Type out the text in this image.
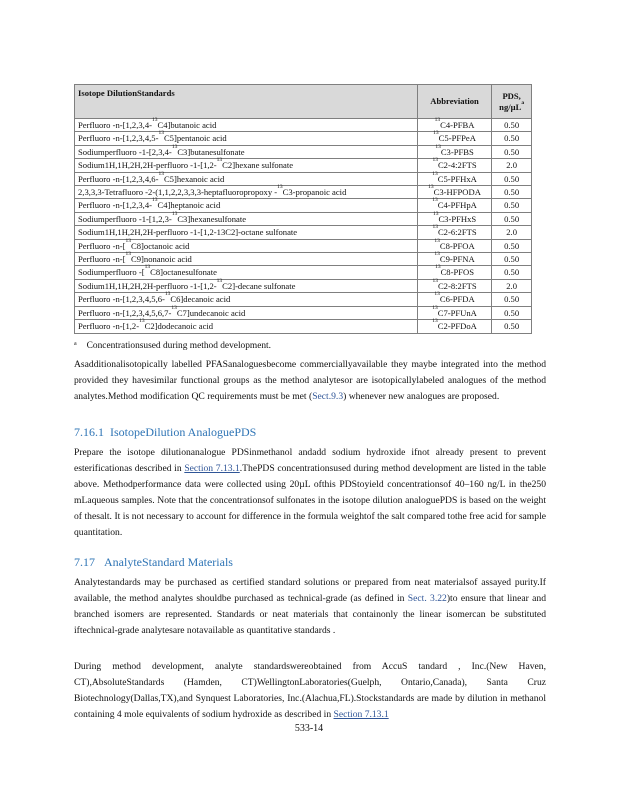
Isotope DilutionStandards	Abbreviation	PDS,
ng/µL$^a$
Perfluoro -n-[1,2,3,4-$^{13}$C4]butanoic acid	$^{13}$C4-PFBA	0.50
Perfluoro -n-[1,2,3,4,5-$^{13}$C5]pentanoic acid	$^{13}$C5-PFPeA	0.50
Sodiumperfluoro -1-[2,3,4-$^{13}$C3]butanesulfonate	$^{13}$C3-PFBS	0.50
Sodium1H,1H,2H,2H-perfluoro -1-[1,2-$^{13}$C2]hexane sulfonate	$^{13}$C2-4:2FTS	2.0
Perfluoro -n-[1,2,3,4,6-$^{13}$C5]hexanoic acid	$^{13}$C5-PFHxA	0.50
2,3,3,3-Tetrafluoro -2-(1,1,2,2,3,3,3-heptafluoropropoxy -$^{13}$C3-propanoic acid	$^{13}$C3-HFPODA	0.50
Perfluoro -n-[1,2,3,4-$^{13}$C4]heptanoic acid	$^{13}$C4-PFHpA	0.50
Sodiumperfluoro -1-[1,2,3-$^{13}$C3]hexanesulfonate	$^{13}$C3-PFHxS	0.50
Sodium1H,1H,2H,2H-perfluoro -1-[1,2-13C2]-octane sulfonate	$^{13}$C2-6:2FTS	2.0
Perfluoro -n-[$^{13}$C8]octanoic acid	$^{13}$C8-PFOA	0.50
Perfluoro -n-[$^{13}$C9]nonanoic acid	$^{13}$C9-PFNA	0.50
Sodiumperfluoro -[$^{13}$C8]octanesulfonate	$^{13}$C8-PFOS	0.50
Sodium1H,1H,2H,2H-perfluoro -1-[1,2-$^{13}$C2]-decane sulfonate	$^{13}$C2-8:2FTS	2.0
Perfluoro -n-[1,2,3,4,5,6-$^{13}$C6]decanoic acid	$^{13}$C6-PFDA	0.50
Perfluoro -n-[1,2,3,4,5,6,7-$^{13}$C7]undecanoic acid	$^{13}$C7-PFUnA	0.50
Perfluoro -n-[1,2-$^{13}$C2]dodecanoic acid	$^{13}$C2-PFDoA	0.50
$^a$ Concentrationsused during method development.
Asadditionalisotopically labelled PFASanaloguesbecome commerciallyavailable they maybe integrated into the method provided they havesimilar functional groups as the method analytesor are isotopicallylabeled analogues of the method analytes.Method modification QC requirements must be met (Sect.9.3) whenever new analogues are proposed.
7.16.1 IsotopeDilution AnaloguePDS
Prepare the isotope dilutionanalogue PDSinmethanol andadd sodium hydroxide ifnot already present to prevent esterificationas described in Section 7.13.1.ThePDS concentrationsused during method development are listed in the table above. Methodperformance data were collected using 20µL ofthis PDStoyield concentrationsof 40–160 ng/L in the250 mLaqueous samples. Note that the concentrationsof sulfonates in the isotope dilution analoguePDS is based on the weight of thesalt. It is not necessary to account for difference in the formula weightof the salt compared tothe free acid for sample quantitation.
7.17 AnalyteStandard Materials
Analytestandards may be purchased as certified standard solutions or prepared from neat materialsof assayed purity.If available, the method analytes shouldbe purchased as technical-grade (as defined in Sect. 3.22)to ensure that linear and branched isomers are represented. Standards or neat materials that containonly the linear isomercan be substituted iftechnical-grade analytesare notavailable as quantitative standards .
During method development, analyte standardswereobtained from AccuS tandard , Inc.(New Haven, CT),AbsoluteStandards (Hamden, CT)WellingtonLaboratories(Guelph, Ontario,Canada), Santa Cruz Biotechnology(Dallas,TX),and Synquest Laboratories, Inc.(Alachua,FL).Stockstandards are made by dilution in methanol containing 4 mole equivalents of sodium hydroxide as described in Section 7.13.1
533-14
